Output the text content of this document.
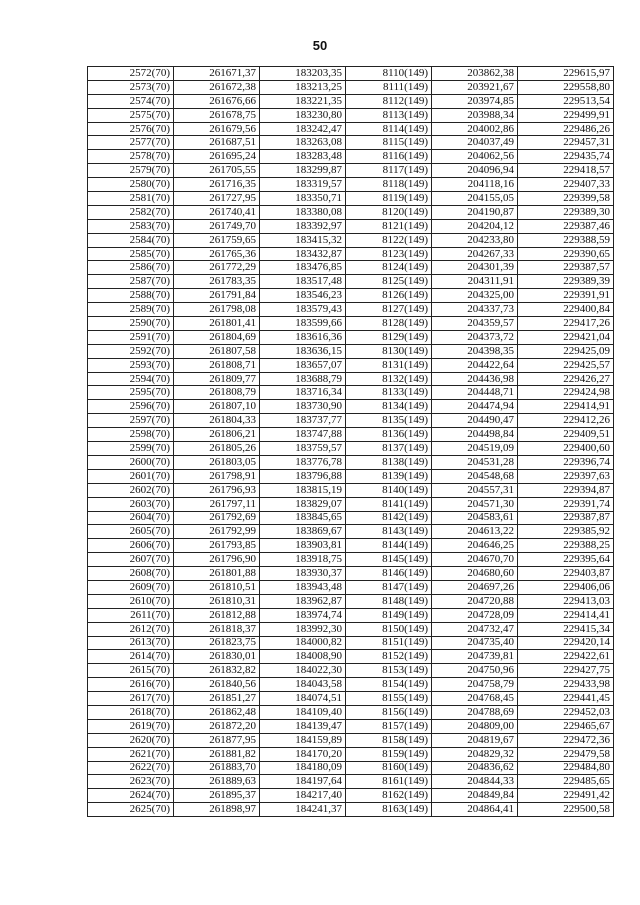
50
2572(70)	261671,37	183203,35	8110(149)	203862,38	229615,97
2573(70)	261672,38	183213,25	8111(149)	203921,67	229558,80
2574(70)	261676,66	183221,35	8112(149)	203974,85	229513,54
2575(70)	261678,75	183230,80	8113(149)	203988,34	229499,91
2576(70)	261679,56	183242,47	8114(149)	204002,86	229486,26
2577(70)	261687,51	183263,08	8115(149)	204037,49	229457,31
2578(70)	261695,24	183283,48	8116(149)	204062,56	229435,74
2579(70)	261705,55	183299,87	8117(149)	204096,94	229418,57
2580(70)	261716,35	183319,57	8118(149)	204118,16	229407,33
2581(70)	261727,95	183350,71	8119(149)	204155,05	229399,58
2582(70)	261740,41	183380,08	8120(149)	204190,87	229389,30
2583(70)	261749,70	183392,97	8121(149)	204204,12	229387,46
2584(70)	261759,65	183415,32	8122(149)	204233,80	229388,59
2585(70)	261765,36	183432,87	8123(149)	204267,33	229390,65
2586(70)	261772,29	183476,85	8124(149)	204301,39	229387,57
2587(70)	261783,35	183517,48	8125(149)	204311,91	229389,39
2588(70)	261791,84	183546,23	8126(149)	204325,00	229391,91
2589(70)	261798,08	183579,43	8127(149)	204337,73	229400,84
2590(70)	261801,41	183599,66	8128(149)	204359,57	229417,26
2591(70)	261804,69	183616,36	8129(149)	204373,72	229421,04
2592(70)	261807,58	183636,15	8130(149)	204398,35	229425,09
2593(70)	261808,71	183657,07	8131(149)	204422,64	229425,57
2594(70)	261809,77	183688,79	8132(149)	204436,98	229426,27
2595(70)	261808,79	183716,34	8133(149)	204448,71	229424,98
2596(70)	261807,10	183730,90	8134(149)	204474,94	229414,91
2597(70)	261804,33	183737,77	8135(149)	204490,47	229412,26
2598(70)	261806,21	183747,88	8136(149)	204498,84	229409,51
2599(70)	261805,26	183759,57	8137(149)	204519,09	229400,60
2600(70)	261803,05	183776,78	8138(149)	204531,28	229396,74
2601(70)	261798,91	183796,88	8139(149)	204548,68	229397,63
2602(70)	261796,93	183815,19	8140(149)	204557,31	229394,87
2603(70)	261797,11	183829,07	8141(149)	204571,30	229391,74
2604(70)	261792,69	183845,65	8142(149)	204583,61	229387,87
2605(70)	261792,99	183869,67	8143(149)	204613,22	229385,92
2606(70)	261793,85	183903,81	8144(149)	204646,25	229388,25
2607(70)	261796,90	183918,75	8145(149)	204670,70	229395,64
2608(70)	261801,88	183930,37	8146(149)	204680,60	229403,87
2609(70)	261810,51	183943,48	8147(149)	204697,26	229406,06
2610(70)	261810,31	183962,87	8148(149)	204720,88	229413,03
2611(70)	261812,88	183974,74	8149(149)	204728,09	229414,41
2612(70)	261818,37	183992,30	8150(149)	204732,47	229415,34
2613(70)	261823,75	184000,82	8151(149)	204735,40	229420,14
2614(70)	261830,01	184008,90	8152(149)	204739,81	229422,61
2615(70)	261832,82	184022,30	8153(149)	204750,96	229427,75
2616(70)	261840,56	184043,58	8154(149)	204758,79	229433,98
2617(70)	261851,27	184074,51	8155(149)	204768,45	229441,45
2618(70)	261862,48	184109,40	8156(149)	204788,69	229452,03
2619(70)	261872,20	184139,47	8157(149)	204809,00	229465,67
2620(70)	261877,95	184159,89	8158(149)	204819,67	229472,36
2621(70)	261881,82	184170,20	8159(149)	204829,32	229479,58
2622(70)	261883,70	184180,09	8160(149)	204836,62	229484,80
2623(70)	261889,63	184197,64	8161(149)	204844,33	229485,65
2624(70)	261895,37	184217,40	8162(149)	204849,84	229491,42
2625(70)	261898,97	184241,37	8163(149)	204864,41	229500,58
